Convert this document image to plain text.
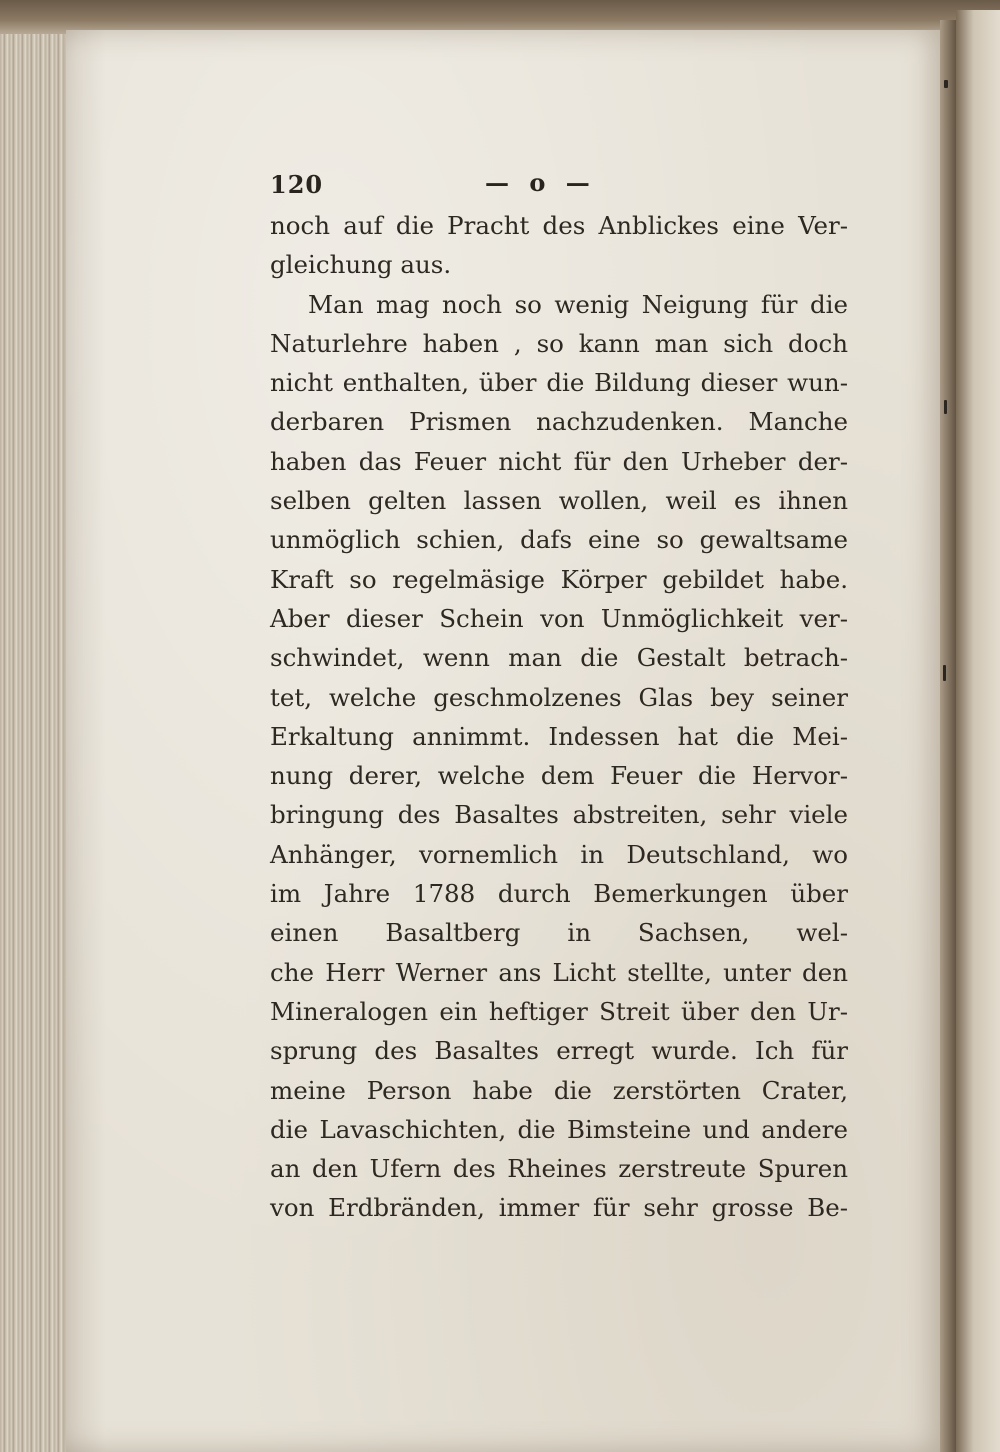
120	— o —
noch auf die Pracht des Anblickes eine Ver-
gleichung aus.
Man mag noch so wenig Neigung für die
Naturlehre haben , so kann man sich doch
nicht enthalten, über die Bildung dieser wun-
derbaren Prismen nachzudenken. Manche
haben das Feuer nicht für den Urheber der-
selben gelten lassen wollen, weil es ihnen
unmöglich schien, dafs eine so gewaltsame
Kraft so regelmäsige Körper gebildet habe.
Aber dieser Schein von Unmöglichkeit ver-
schwindet, wenn man die Gestalt betrach-
tet, welche geschmolzenes Glas bey seiner
Erkaltung annimmt. Indessen hat die Mei-
nung derer, welche dem Feuer die Hervor-
bringung des Basaltes abstreiten, sehr viele
Anhänger, vornemlich in Deutschland, wo
im Jahre 1788 durch Bemerkungen über
einen Basaltberg in Sachsen, wel-
che Herr Werner ans Licht stellte, unter den
Mineralogen ein heftiger Streit über den Ur-
sprung des Basaltes erregt wurde. Ich für
meine Person habe die zerstörten Crater,
die Lavaschichten, die Bimsteine und andere
an den Ufern des Rheines zerstreute Spuren
von Erdbränden, immer für sehr grosse Be-
